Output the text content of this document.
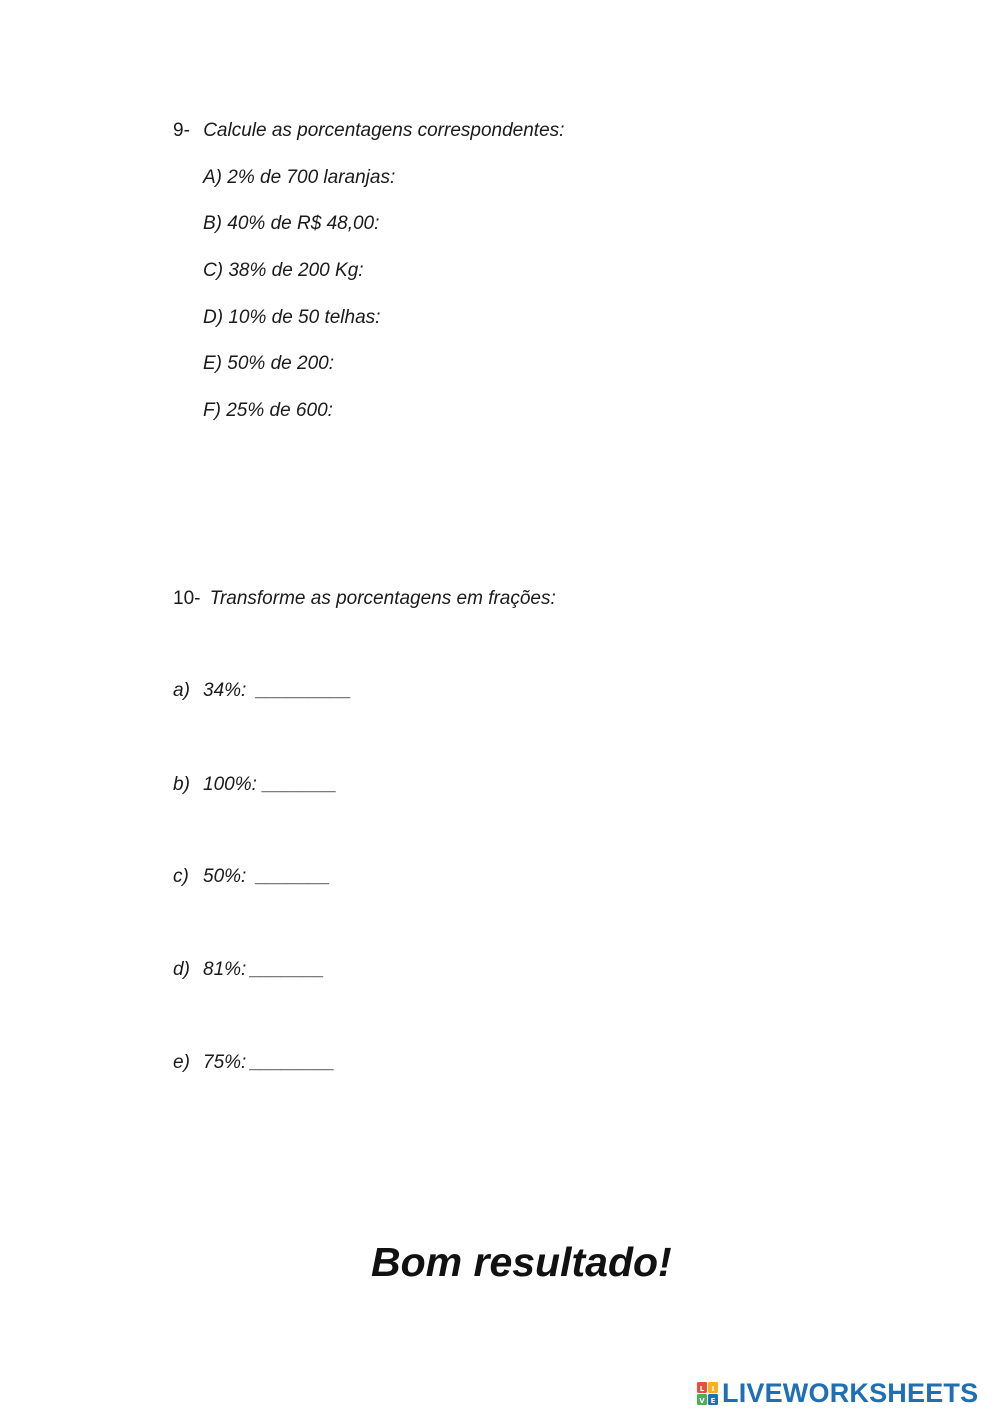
9- Calcule as porcentagens correspondentes:
A) 2% de 700 laranjas:
B) 40% de R$ 48,00:
C) 38% de 200 Kg:
D) 10% de 50 telhas:
E) 50% de 200:
F) 25% de 600:
10- Transforme as porcentagens em frações:
a) 34%: _________
b) 100%: _______
c) 50%: _______
d) 81%: _______
e) 75%: ________
Bom resultado!
L I
V E LIVEWORKSHEETS
